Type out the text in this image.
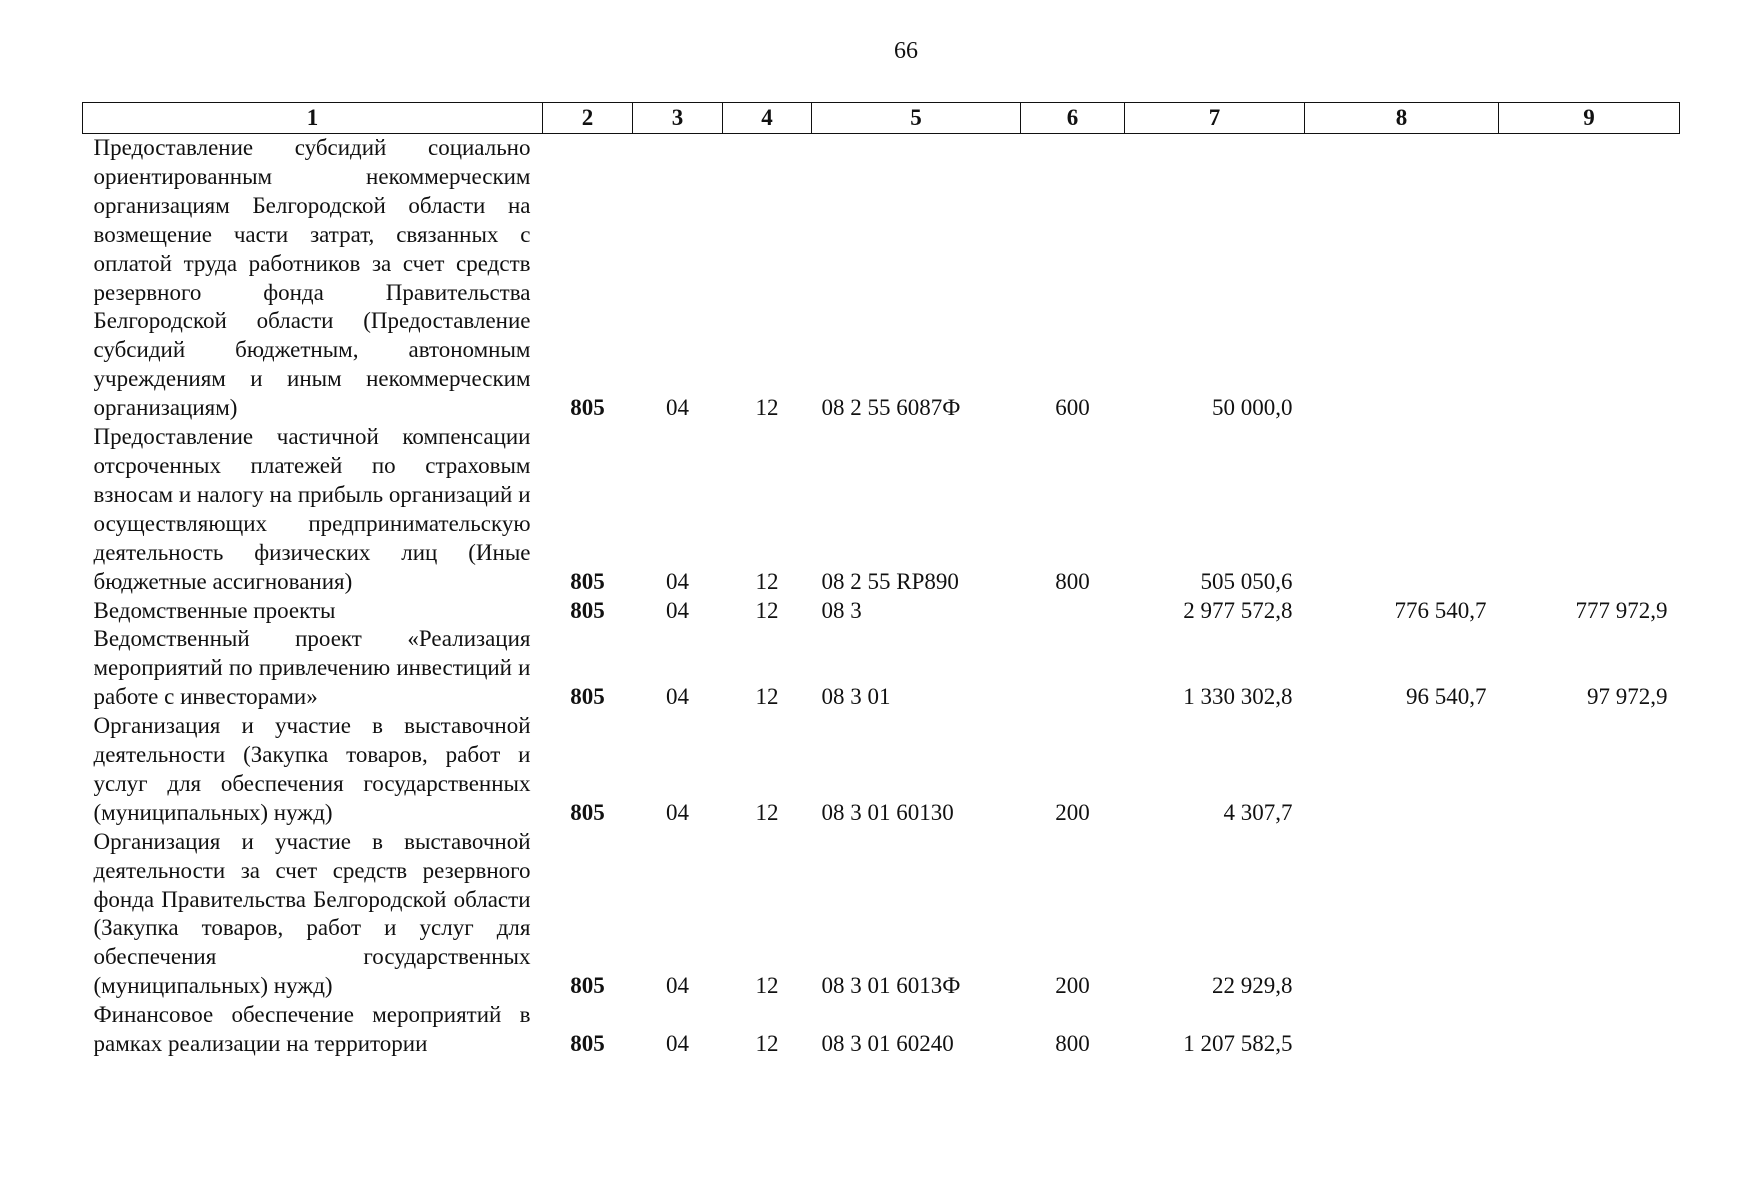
66
1	2	3	4	5	6	7	8	9
Предоставление субсидий социально ориентированным некоммерческим организациям Белгородской области на возмещение части затрат, связанных с оплатой труда работников за счет средств резервного фонда Правительства Белгородской области (Предоставление субсидий бюджетным, автономным учреждениям и иным некоммерческим организациям)	805	04	12	08 2 55 6087Ф	600	50 000,0		
Предоставление частичной компенсации отсроченных платежей по страховым взносам и налогу на прибыль организаций и осуществляющих предпринимательскую деятельность физических лиц (Иные бюджетные ассигнования)	805	04	12	08 2 55 RP890	800	505 050,6		
Ведомственные проекты	805	04	12	08 3		2 977 572,8	776 540,7	777 972,9
Ведомственный проект «Реализация мероприятий по привлечению инвестиций и работе с инвесторами»	805	04	12	08 3 01		1 330 302,8	96 540,7	97 972,9
Организация и участие в выставочной деятельности (Закупка товаров, работ и услуг для обеспечения государственных (муниципальных) нужд)	805	04	12	08 3 01 60130	200	4 307,7		
Организация и участие в выставочной деятельности за счет средств резервного фонда Правительства Белгородской области (Закупка товаров, работ и услуг для обеспечения государственных (муниципальных) нужд)	805	04	12	08 3 01 6013Ф	200	22 929,8		
Финансовое обеспечение мероприятий в рамках реализации на территории	805	04	12	08 3 01 60240	800	1 207 582,5		
